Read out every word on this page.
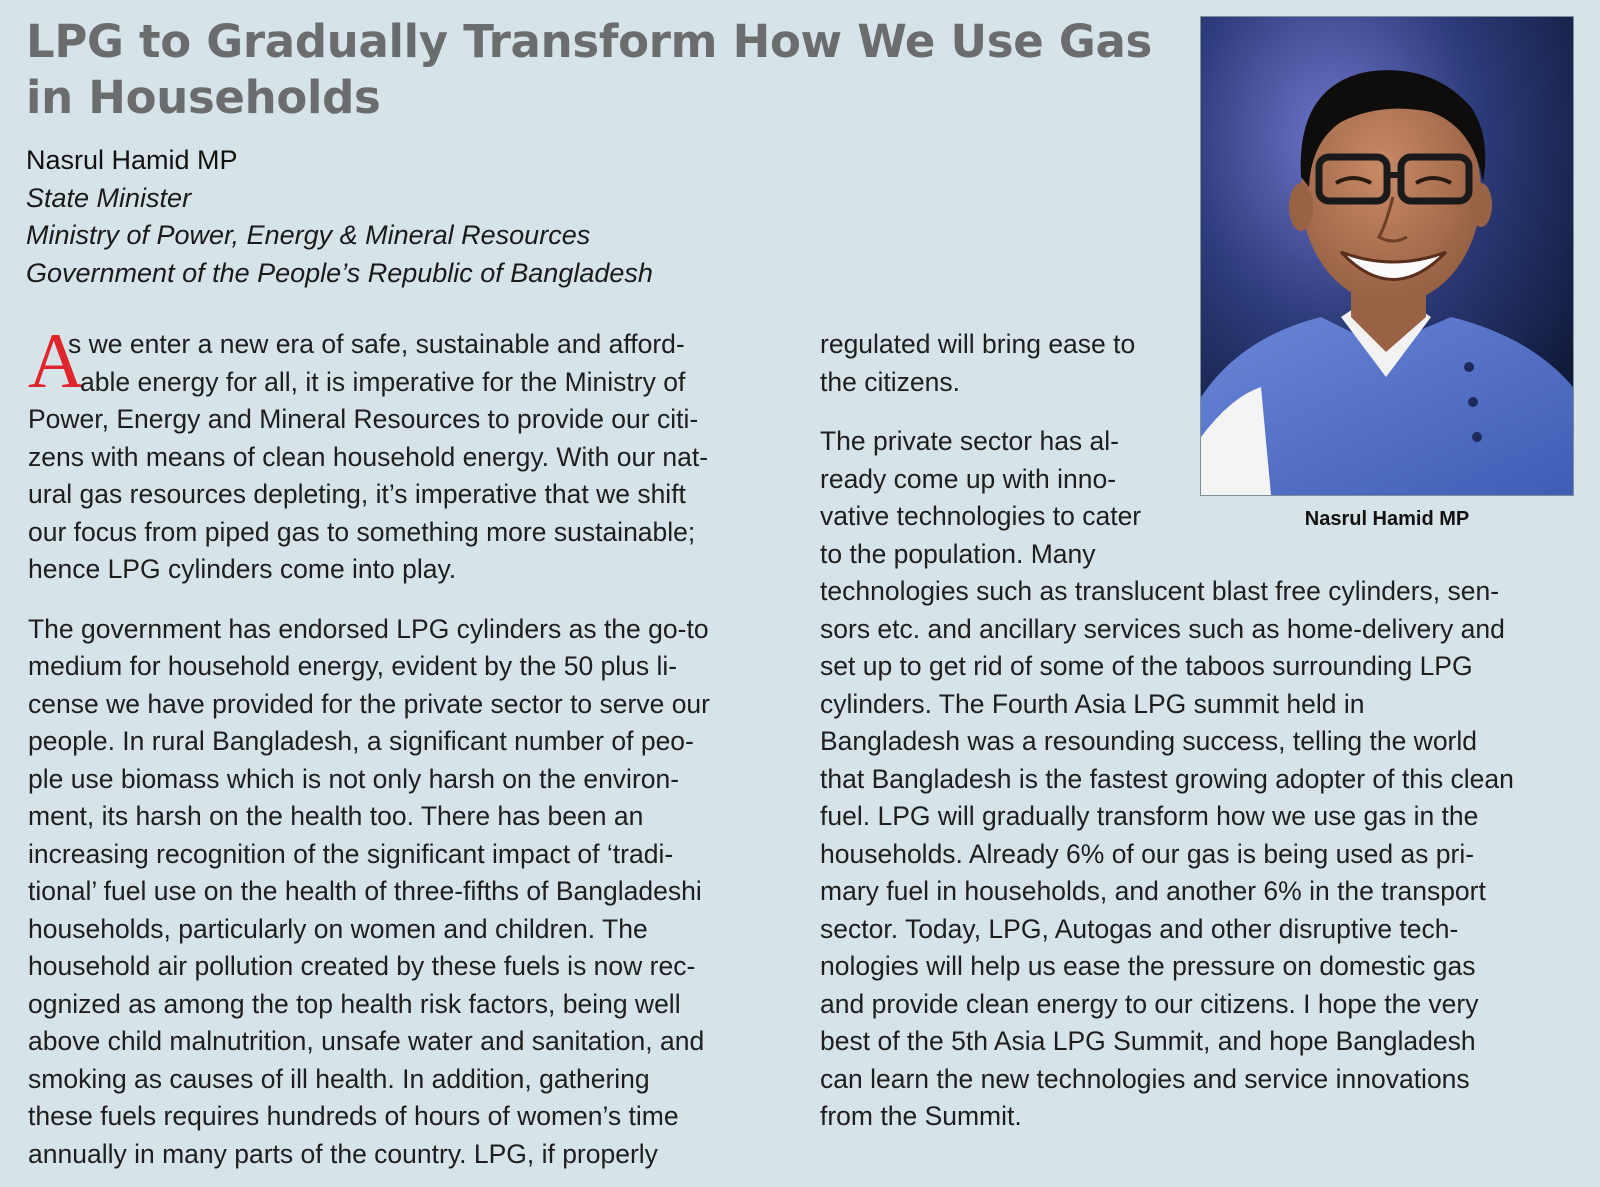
LPG to Gradually Transform How We Use Gas
in Households
Nasrul Hamid MP
State Minister
Ministry of Power, Energy & Mineral Resources
Government of the People’s Republic of Bangladesh
Nasrul Hamid MP
A

s we enter a new era of safe, sustainable and afford-
able energy for all, it is imperative for the Ministry of
Power, Energy and Mineral Resources to provide our citi-
zens with means of clean household energy. With our nat-
ural gas resources depleting, it’s imperative that we shift
our focus from piped gas to something more sustainable;
hence LPG cylinders come into play.

The government has endorsed LPG cylinders as the go-to
medium for household energy, evident by the 50 plus li-
cense we have provided for the private sector to serve our
people. In rural Bangladesh, a significant number of peo-
ple use biomass which is not only harsh on the environ-
ment, its harsh on the health too. There has been an
increasing recognition of the significant impact of ‘tradi-
tional’ fuel use on the health of three-fifths of Bangladeshi
households, particularly on women and children. The
household air pollution created by these fuels is now rec-
ognized as among the top health risk factors, being well
above child malnutrition, unsafe water and sanitation, and
smoking as causes of ill health. In addition, gathering
these fuels requires hundreds of hours of women’s time
annually in many parts of the country. LPG, if properly

regulated will bring ease to
the citizens.

The private sector has al-
ready come up with inno-
vative technologies to cater
to the population. Many
technologies such as translucent blast free cylinders, sen-
sors etc. and ancillary services such as home-delivery and
set up to get rid of some of the taboos surrounding LPG
cylinders. The Fourth Asia LPG summit held in
Bangladesh was a resounding success, telling the world
that Bangladesh is the fastest growing adopter of this clean
fuel. LPG will gradually transform how we use gas in the
households. Already 6% of our gas is being used as pri-
mary fuel in households, and another 6% in the transport
sector. Today, LPG, Autogas and other disruptive tech-
nologies will help us ease the pressure on domestic gas
and provide clean energy to our citizens. I hope the very
best of the 5th Asia LPG Summit, and hope Bangladesh
can learn the new technologies and service innovations
from the Summit.
